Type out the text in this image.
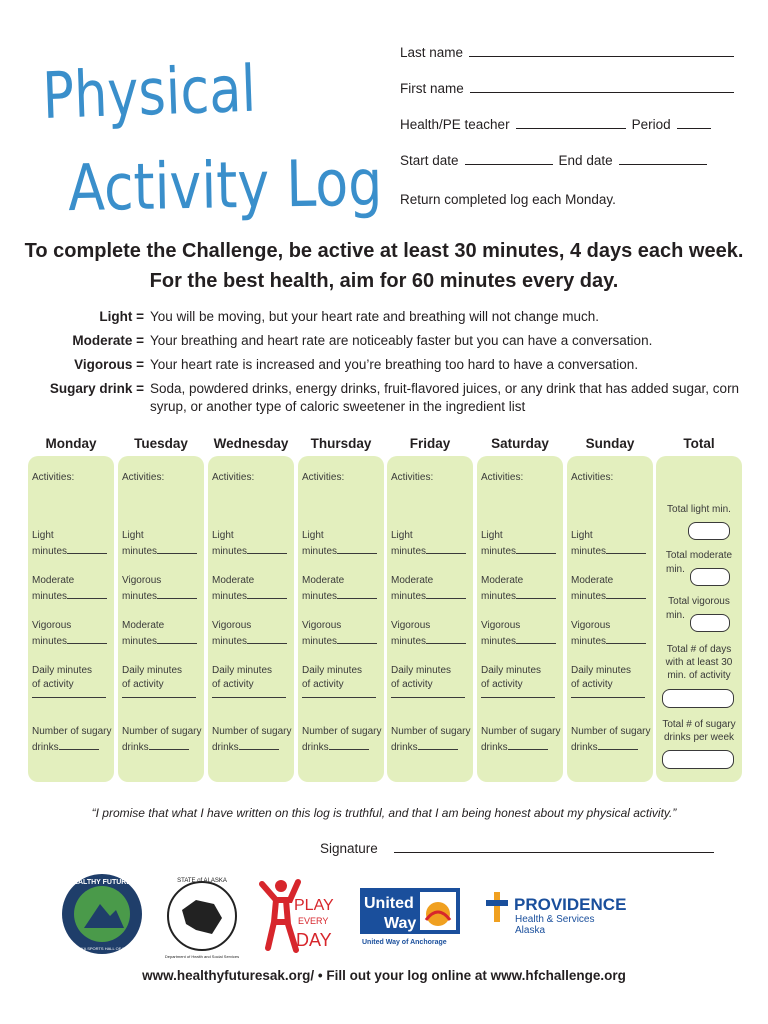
Physical
Activity Log
Last name
First name
Health/PE teacher	Period
Start date	End date
Return completed log each Monday.
To complete the Challenge, be active at least 30 minutes, 4 days each week. For the best health, aim for 60 minutes every day.
Light = You will be moving, but your heart rate and breathing will not change much.
Moderate = Your breathing and heart rate are noticeably faster but you can have a conversation.
Vigorous = Your heart rate is increased and you’re breathing too hard to have a conversation.
Sugary drink = Soda, powdered drinks, energy drinks, fruit-flavored juices, or any drink that has added sugar, corn syrup, or another type of caloric sweetener in the ingredient list
Total
Total light min.
Total moderate
min.
Total vigorous
min.
Total # of days
with at least 30
min. of activity
Total # of sugary
drinks per week
Monday
Activities:
Light
minutes
Moderate
minutes
Vigorous
minutes
Daily minutes
of activity
Number of sugary
drinks
Tuesday
Activities:
Light
minutes
Vigorous
minutes
Moderate
minutes
Daily minutes
of activity
Number of sugary
drinks
Wednesday
Activities:
Light
minutes
Moderate
minutes
Vigorous
minutes
Daily minutes
of activity
Number of sugary
drinks
Thursday
Activities:
Light
minutes
Moderate
minutes
Vigorous
minutes
Daily minutes
of activity
Number of sugary
drinks
Friday
Activities:
Light
minutes
Moderate
minutes
Vigorous
minutes
Daily minutes
of activity
Number of sugary
drinks
Saturday
Activities:
Light
minutes
Moderate
minutes
Vigorous
minutes
Daily minutes
of activity
Number of sugary
drinks
Sunday
Activities:
Light
minutes
Moderate
minutes
Vigorous
minutes
Daily minutes
of activity
Number of sugary
drinks
“I promise that what I have written on this log is truthful, and that I am being honest about my physical activity.”
Signature
HEALTHY FUTURES
ALASKA SPORTS HALL OF FAME
STATE of ALASKA
Department of Health and Social Services
PLAY
EVERY
DAY
United
Way
United Way of Anchorage
PROVIDENCE
Health & Services
Alaska
www.healthyfuturesak.org/ • Fill out your log online at www.hfchallenge.org
